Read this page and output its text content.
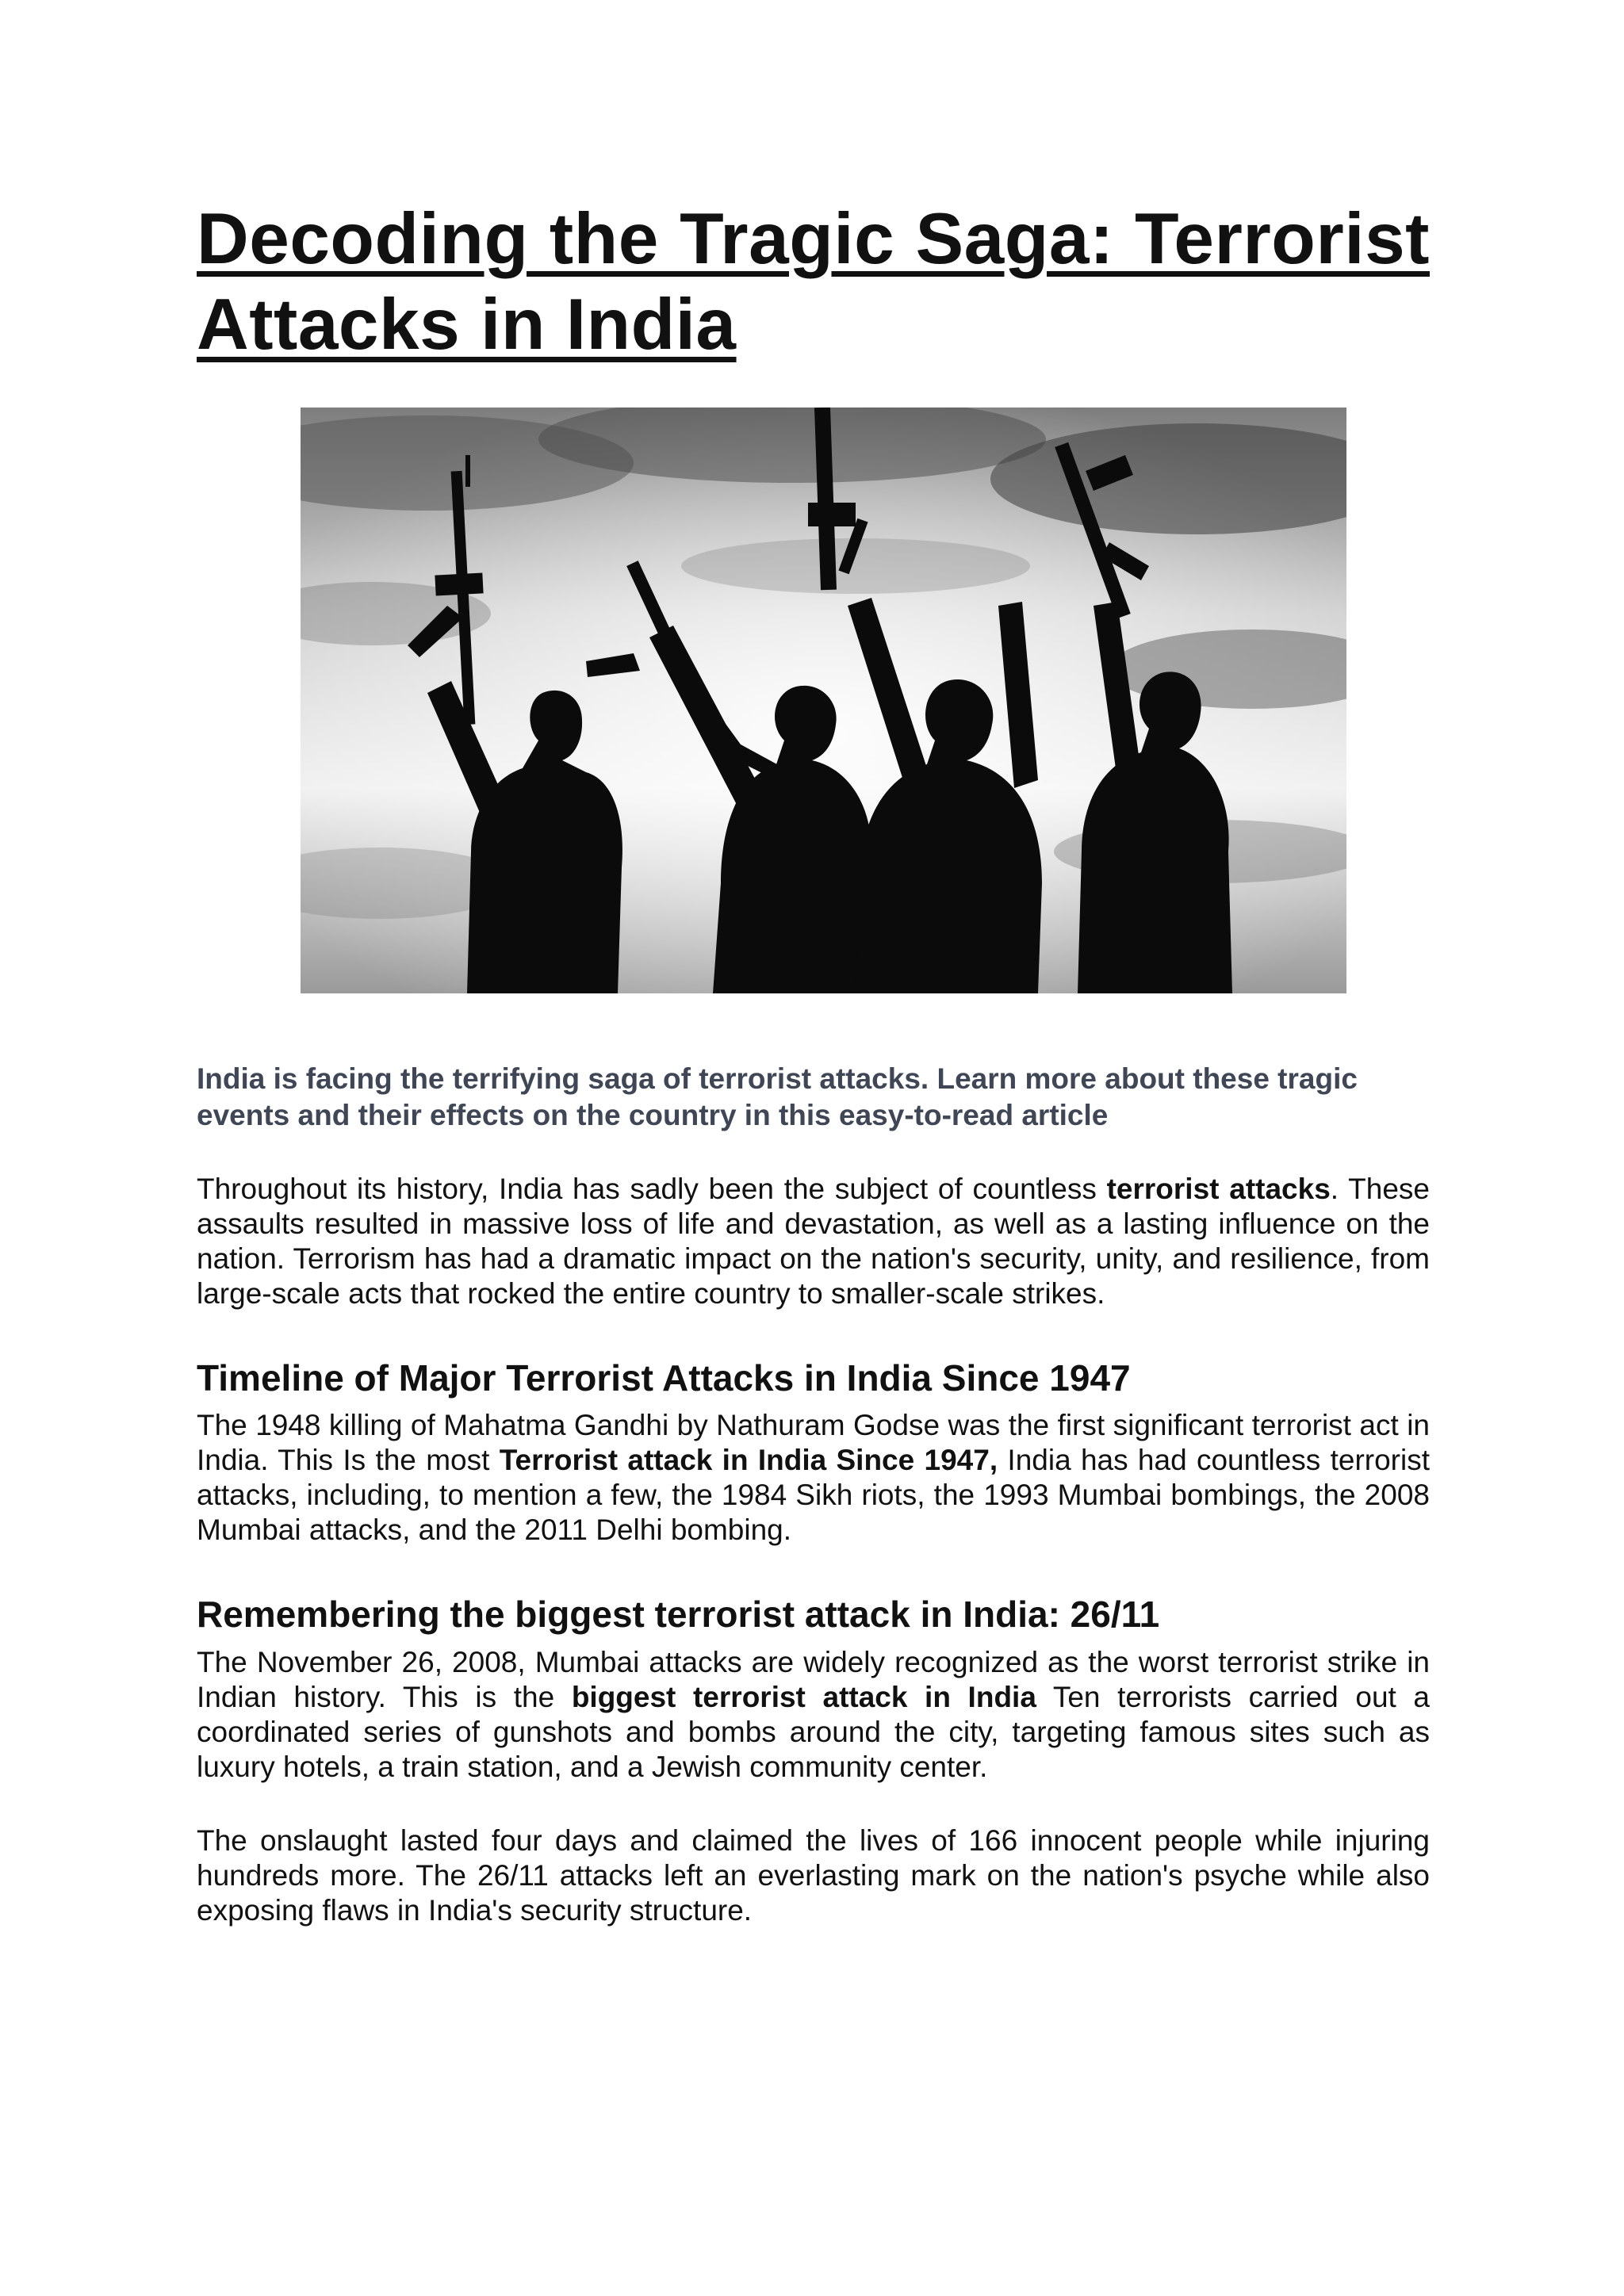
Decoding the Tragic Saga: Terrorist Attacks in India

India is facing the terrifying saga of terrorist attacks. Learn more about these tragic events and their effects on the country in this easy-to-read article

Throughout its history, India has sadly been the subject of countless terrorist attacks. These assaults resulted in massive loss of life and devastation, as well as a lasting influence on the nation. Terrorism has had a dramatic impact on the nation's security, unity, and resilience, from large-scale acts that rocked the entire country to smaller-scale strikes.

Timeline of Major Terrorist Attacks in India Since 1947

The 1948 killing of Mahatma Gandhi by Nathuram Godse was the first significant terrorist act in India. This Is the most Terrorist attack in India Since 1947, India has had countless terrorist attacks, including, to mention a few, the 1984 Sikh riots, the 1993 Mumbai bombings, the 2008 Mumbai attacks, and the 2011 Delhi bombing.

Remembering the biggest terrorist attack in India: 26/11

The November 26, 2008, Mumbai attacks are widely recognized as the worst terrorist strike in Indian history. This is the biggest terrorist attack in India Ten terrorists carried out a coordinated series of gunshots and bombs around the city, targeting famous sites such as luxury hotels, a train station, and a Jewish community center.

The onslaught lasted four days and claimed the lives of 166 innocent people while injuring hundreds more. The 26/11 attacks left an everlasting mark on the nation's psyche while also exposing flaws in India's security structure.
